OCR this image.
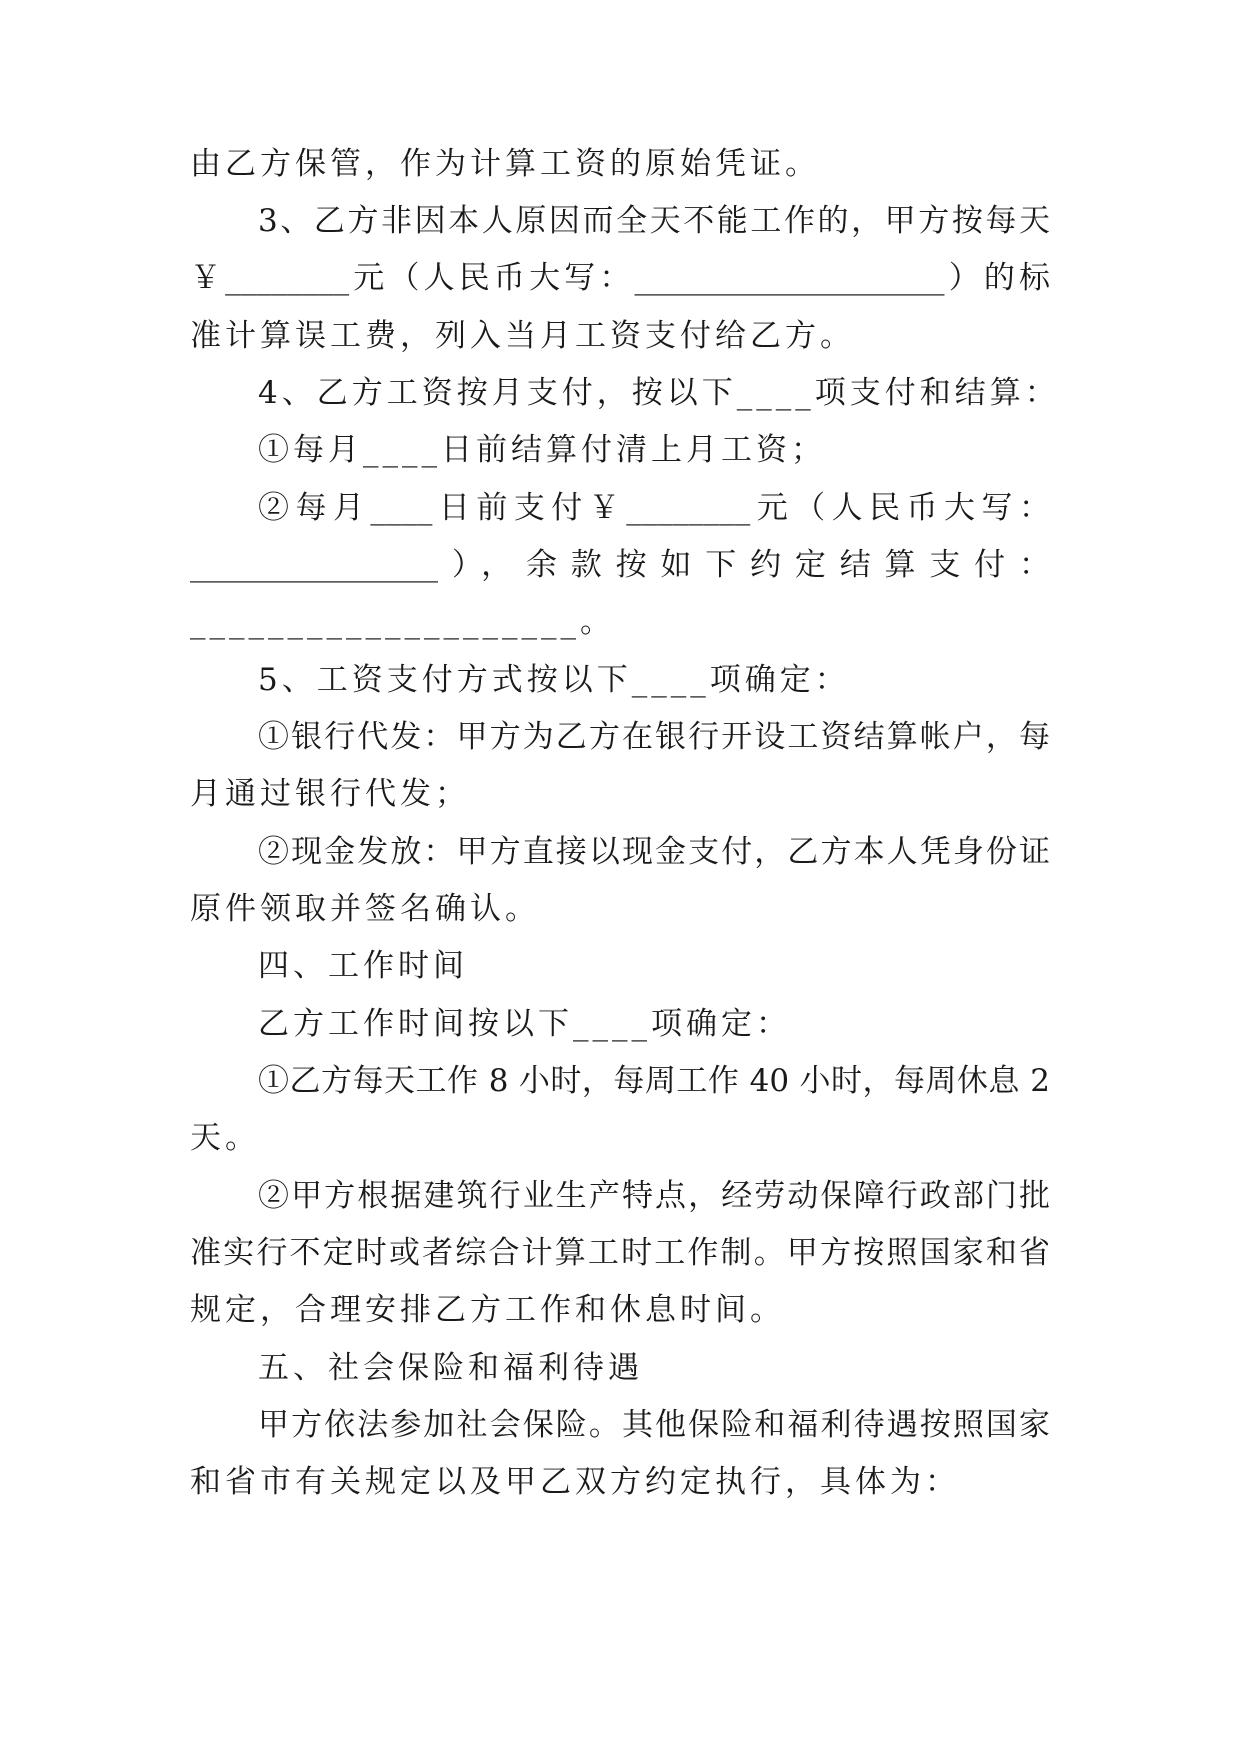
由乙方保管，作为计算工资的原始凭证。
3、乙方非因本人原因而全天不能工作的，甲方按每天
￥________元（人民币大写：____________________）的标
准计算误工费，列入当月工资支付给乙方。
4、乙方工资按月支付，按以下____项支付和结算：
①每月____日前结算付清上月工资；
②每月____日前支付￥________元（人民币大写：
________________），余款按如下约定结算支付：
____________________。
5、工资支付方式按以下____项确定：
①银行代发：甲方为乙方在银行开设工资结算帐户，每
月通过银行代发；
②现金发放：甲方直接以现金支付，乙方本人凭身份证
原件领取并签名确认。
四、工作时间
乙方工作时间按以下____项确定：
①乙方每天工作 8 小时，每周工作 40 小时，每周休息 2
天。
②甲方根据建筑行业生产特点，经劳动保障行政部门批
准实行不定时或者综合计算工时工作制。甲方按照国家和省
规定，合理安排乙方工作和休息时间。
五、社会保险和福利待遇
甲方依法参加社会保险。其他保险和福利待遇按照国家
和省市有关规定以及甲乙双方约定执行，具体为：
